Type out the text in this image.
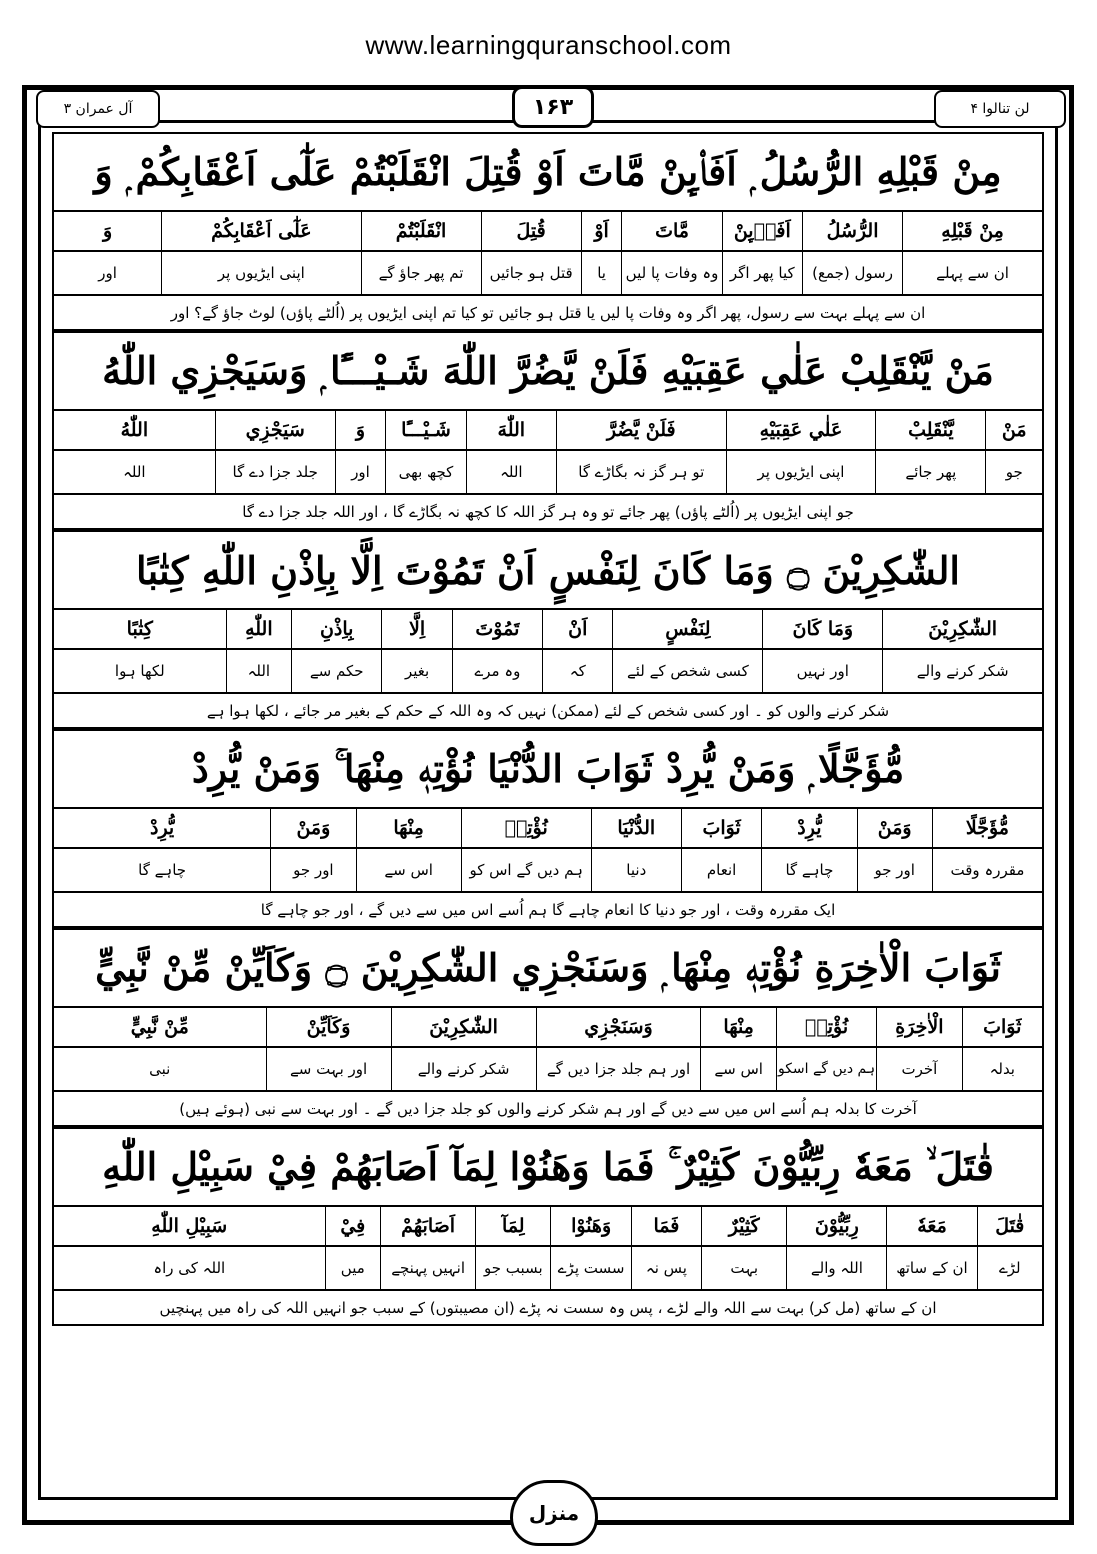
www.learningquranschool.com
لن تنالوا ۴
۱۶۳
آل عمران ۳
مِنْ قَبْلِهِ الرُّسُلُ ۭ اَفَا۟ىِٕنْ مَّاتَ اَوْ قُتِلَ انْقَلَبْتُمْ عَلٰٓى اَعْقَابِكُمْ ۭ وَ
مِنْ قَبْلِهِ
الرُّسُلُ
اَفَا۟ىِٕنْ
مَّاتَ
اَوْ
قُتِلَ
انْقَلَبْتُمْ
عَلٰٓى اَعْقَابِكُمْ
وَ
ان سے پہلے
رسول (جمع)
کیا پھر اگر
وہ وفات پا لیں
یا
قتل ہو جائیں
تم پھر جاؤ گے
اپنی ایڑیوں پر
اور
ان سے پہلے بہت سے رسول، پھر اگر وہ وفات پا لیں یا قتل ہو جائیں تو کیا تم اپنی ایڑیوں پر (اُلٹے پاؤں) لوٹ جاؤ گے؟ اور
مَنْ يَّنْقَلِبْ عَلٰي عَقِبَيْهِ فَلَنْ يَّضُرَّ اللّٰهَ شَـيْـــًٔا ۭ وَسَيَجْزِي اللّٰهُ
مَنْ
يَّنْقَلِبْ
عَلٰي عَقِبَيْهِ
فَلَنْ يَّضُرَّ
اللّٰهَ
شَـيْـــًٔا
وَ
سَيَجْزِي
اللّٰهُ
جو
پھر جائے
اپنی ایڑیوں پر
تو ہر گز نہ بگاڑے گا
اللہ
کچھ بھی
اور
جلد جزا دے گا
اللہ
جو اپنی ایڑیوں پر (اُلٹے پاؤں) پھر جائے تو وہ ہر گز اللہ کا کچھ نہ بگاڑے گا ، اور اللہ جلد جزا دے گا
الشّٰكِرِيْنَ ۝ وَمَا كَانَ لِنَفْسٍ اَنْ تَمُوْتَ اِلَّا بِاِذْنِ اللّٰهِ كِتٰبًا
الشّٰكِرِيْنَ
وَمَا كَانَ
لِنَفْسٍ
اَنْ
تَمُوْتَ
اِلَّا
بِاِذْنِ
اللّٰهِ
كِتٰبًا
شکر کرنے والے
اور نہیں
کسی شخص کے لئے
کہ
وہ مرے
بغیر
حکم سے
اللہ
لکھا ہوا
شکر کرنے والوں کو ۔ اور کسی شخص کے لئے (ممکن) نہیں کہ وہ اللہ کے حکم کے بغیر مر جائے ، لکھا ہوا ہے
مُّؤَجَّلًا ۭ وَمَنْ يُّرِدْ ثَوَابَ الدُّنْيَا نُؤْتِهٖ مِنْهَا ۚ وَمَنْ يُّرِدْ
مُّؤَجَّلًا
وَمَنْ
يُّرِدْ
ثَوَابَ
الدُّنْيَا
نُؤْتِهٖ
مِنْهَا
وَمَنْ
يُّرِدْ
مقررہ وقت
اور جو
چاہے گا
انعام
دنیا
ہم دیں گے اس کو
اس سے
اور جو
چاہے گا
ایک مقررہ وقت ، اور جو دنیا کا انعام چاہے گا ہم اُسے اس میں سے دیں گے ، اور جو چاہے گا
ثَوَابَ الْاٰخِرَةِ نُؤْتِهٖ مِنْهَا ۭ وَسَنَجْزِي الشّٰكِرِيْنَ ۝ وَكَاَيِّنْ مِّنْ نَّبِيٍّ
ثَوَابَ
الْاٰخِرَةِ
نُؤْتِهٖ
مِنْهَا
وَسَنَجْزِي
الشّٰكِرِيْنَ
وَكَاَيِّنْ
مِّنْ نَّبِيٍّ
بدلہ
آخرت
ہم دیں گے اسکو
اس سے
اور ہم جلد جزا دیں گے
شکر کرنے والے
اور بہت سے
نبی
آخرت کا بدلہ ہم اُسے اس میں سے دیں گے اور ہم شکر کرنے والوں کو جلد جزا دیں گے ۔ اور بہت سے نبی (ہوئے ہیں)
قٰتَلَ ۙ مَعَهٗ رِبِّيُّوْنَ كَثِيْرٌ ۚ فَمَا وَهَنُوْا لِمَآ اَصَابَھُمْ فِيْ سَبِيْلِ اللّٰهِ
قٰتَلَ
مَعَهٗ
رِبِّيُّوْنَ
كَثِيْرٌ
فَمَا
وَهَنُوْا
لِمَآ
اَصَابَھُمْ
فِيْ
سَبِيْلِ اللّٰهِ
لڑے
ان کے ساتھ
اللہ والے
بہت
پس نہ
سست پڑے
بسبب جو
انہیں پہنچے
میں
اللہ کی راہ
ان کے ساتھ (مل کر) بہت سے اللہ والے لڑے ، پس وہ سست نہ پڑے (ان مصیبتوں) کے سبب جو انہیں اللہ کی راہ میں پہنچیں
منزل
